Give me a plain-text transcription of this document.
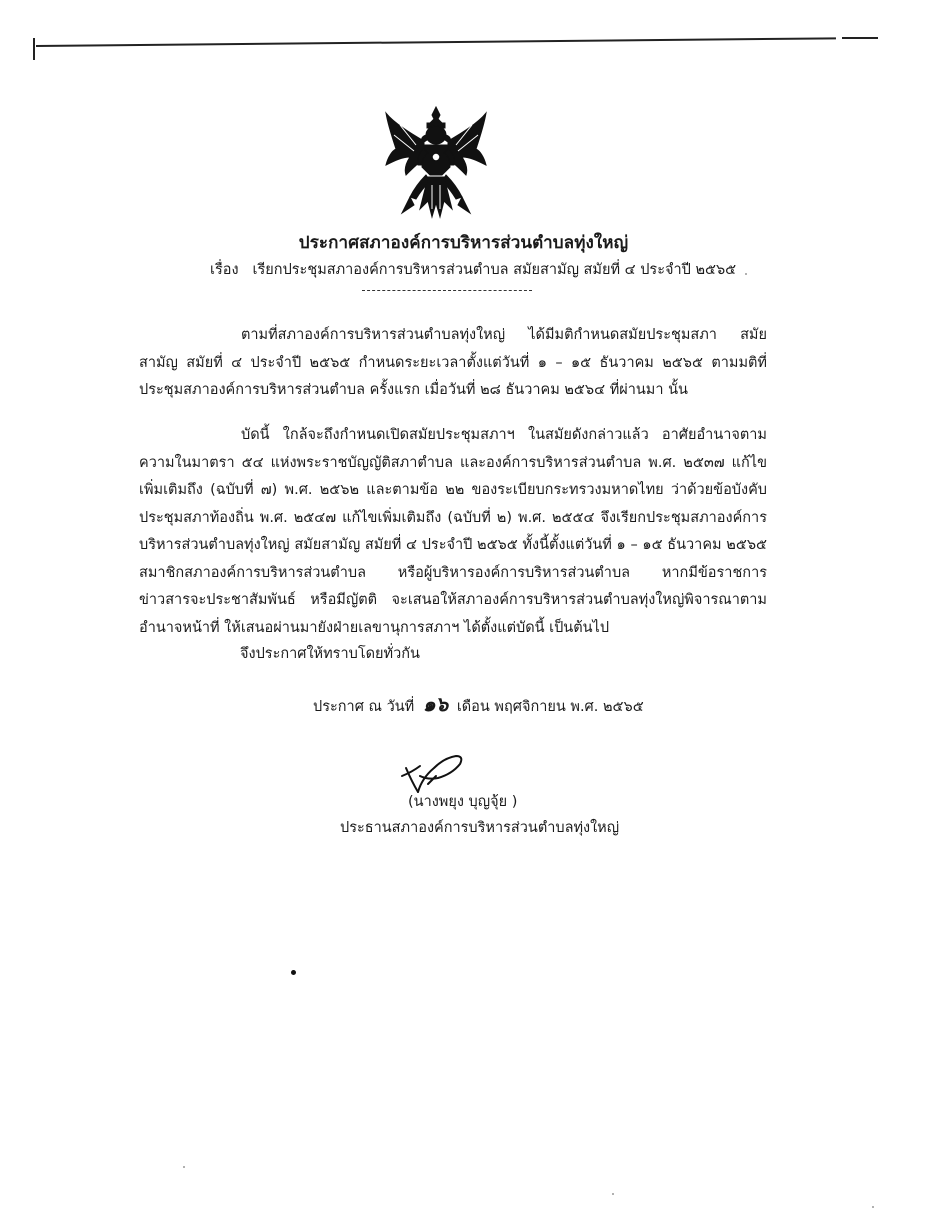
ประกาศสภาองค์การบริหารส่วนตำบลทุ่งใหญ่
เรื่อง เรียกประชุมสภาองค์การบริหารส่วนตำบล สมัยสามัญ สมัยที่ ๔ ประจำปี ๒๕๖๕

ตามที่สภาองค์การบริหารส่วนตำบลทุ่งใหญ่ ได้มีมติกำหนดสมัยประชุมสภา สมัยสามัญ สมัยที่ ๔ ประจำปี ๒๕๖๕ กำหนดระยะเวลาตั้งแต่วันที่ ๑ – ๑๕ ธันวาคม ๒๕๖๕ ตามมติที่ประชุมสภาองค์การบริหารส่วนตำบล ครั้งแรก เมื่อวันที่ ๒๘ ธันวาคม ๒๕๖๔ ที่ผ่านมา นั้น

บัดนี้ ใกล้จะถึงกำหนดเปิดสมัยประชุมสภาฯ ในสมัยดังกล่าวแล้ว อาศัยอำนาจตามความในมาตรา ๕๔ แห่งพระราชบัญญัติสภาตำบล และองค์การบริหารส่วนตำบล พ.ศ. ๒๕๓๗ แก้ไขเพิ่มเติมถึง (ฉบับที่ ๗) พ.ศ. ๒๕๖๒ และตามข้อ ๒๒ ของระเบียบกระทรวงมหาดไทย ว่าด้วยข้อบังคับประชุมสภาท้องถิ่น พ.ศ. ๒๕๔๗ แก้ไขเพิ่มเติมถึง (ฉบับที่ ๒) พ.ศ. ๒๕๕๔ จึงเรียกประชุมสภาองค์การบริหารส่วนตำบลทุ่งใหญ่ สมัยสามัญ สมัยที่ ๔ ประจำปี ๒๕๖๕ ทั้งนี้ตั้งแต่วันที่ ๑ – ๑๕ ธันวาคม ๒๕๖๕ สมาชิกสภาองค์การบริหารส่วนตำบล หรือผู้บริหารองค์การบริหารส่วนตำบล หากมีข้อราชการ ข่าวสารจะประชาสัมพันธ์ หรือมีญัตติ จะเสนอให้สภาองค์การบริหารส่วนตำบลทุ่งใหญ่พิจารณาตามอำนาจหน้าที่ ให้เสนอผ่านมายังฝ่ายเลขานุการสภาฯ ได้ตั้งแต่บัดนี้ เป็นต้นไป

จึงประกาศให้ทราบโดยทั่วกัน
ประกาศ ณ วันที่ ๑๖ เดือน พฤศจิกายน พ.ศ. ๒๕๖๕
(นางพยุง บุญจุ้ย )
ประธานสภาองค์การบริหารส่วนตำบลทุ่งใหญ่
